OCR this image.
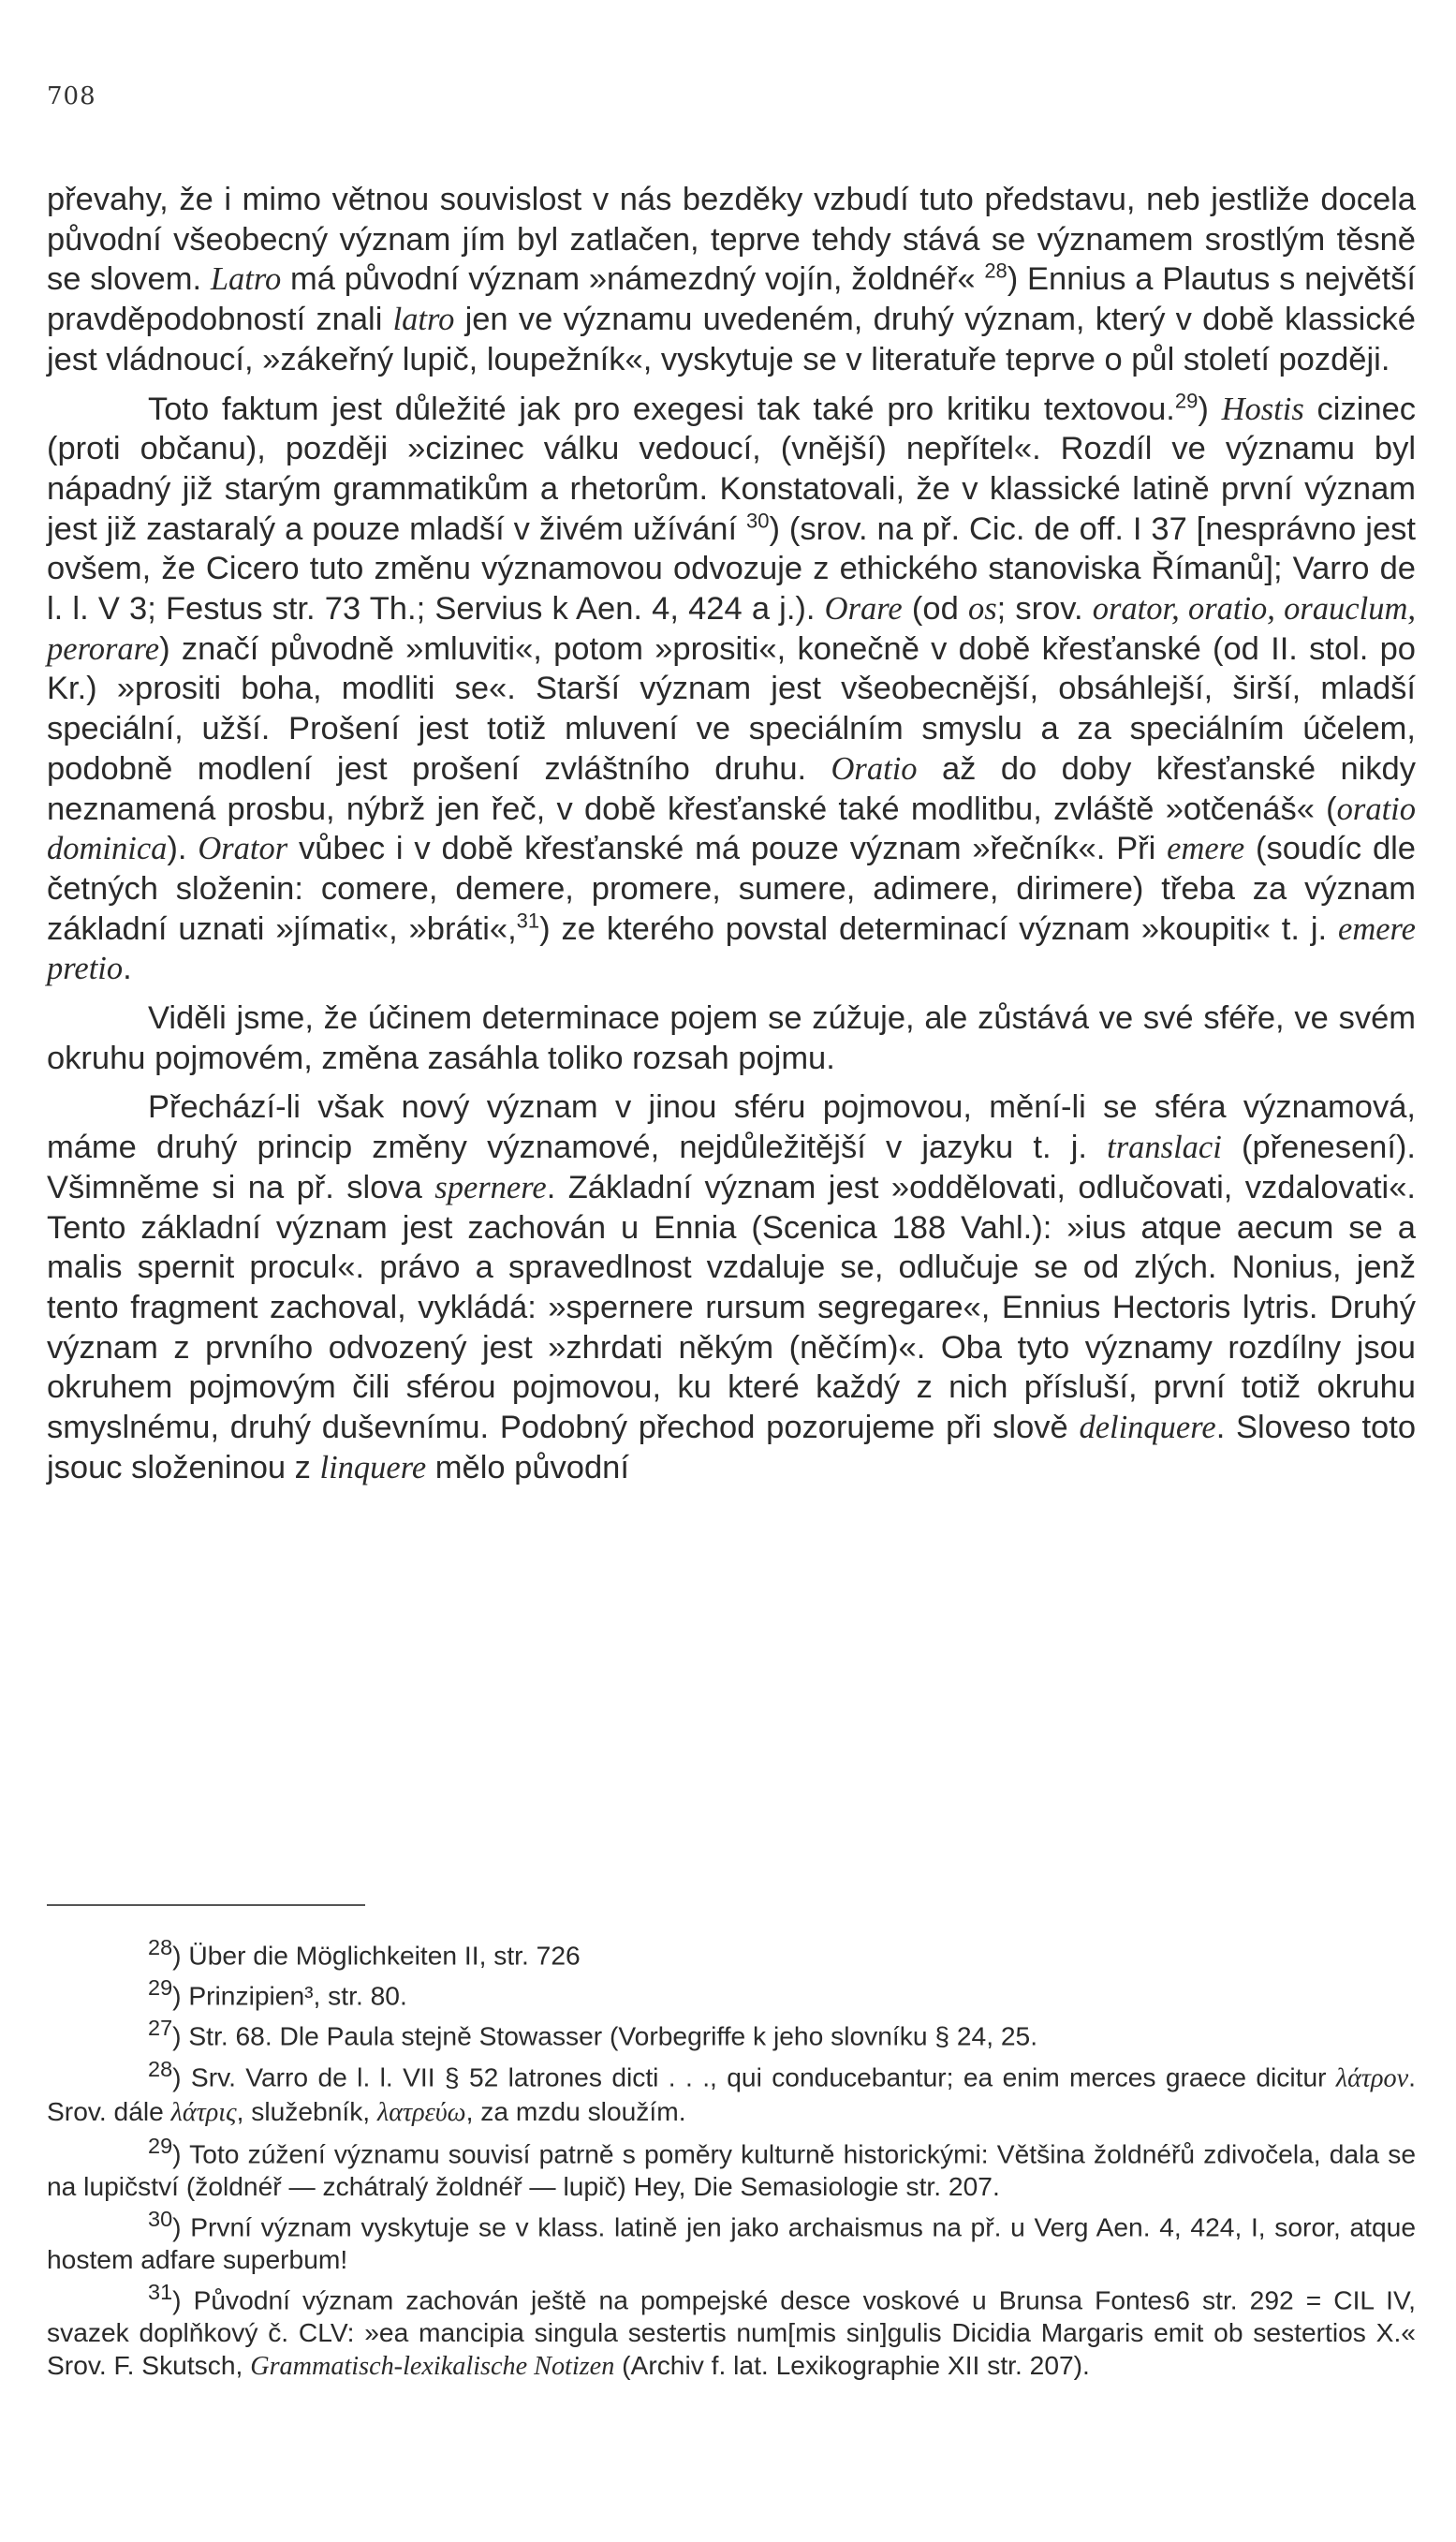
708

převahy, že i mimo větnou souvislost v nás bezděky vzbudí tuto představu, neb jestliže docela původní všeobecný význam jím byl zatlačen, teprve tehdy stává se významem srostlým těsně se slovem. Latro má původní význam »námezdný vojín, žoldnéř« $^{28}$) Ennius a Plautus s největší pravděpodobností znali latro jen ve významu uvedeném, druhý význam, který v době klassické jest vládnoucí, »zákeřný lupič, loupežník«, vyskytuje se v literatuře teprve o půl století později.

Toto faktum jest důležité jak pro exegesi tak také pro kritiku textovou.$^{29}$) Hostis cizinec (proti občanu), později »cizinec válku vedoucí, (vnější) nepřítel«. Rozdíl ve významu byl nápadný již starým grammatikům a rhetorům. Konstatovali, že v klassické latině první význam jest již zastaralý a pouze mladší v živém užívání $^{30}$) (srov. na př. Cic. de off. I 37 [nesprávno jest ovšem, že Cicero tuto změnu významovou odvozuje z ethického stanoviska Římanů]; Varro de l. l. V 3; Festus str. 73 Th.; Servius k Aen. 4, 424 a j.). Orare (od os; srov. orator, oratio, orauclum, perorare) značí původně »mluviti«, potom »prositi«, konečně v době křesťanské (od II. stol. po Kr.) »prositi boha, modliti se«. Starší význam jest všeobecnější, obsáhlejší, širší, mladší speciální, užší. Prošení jest totiž mluvení ve speciálním smyslu a za speciálním účelem, podobně modlení jest prošení zvláštního druhu. Oratio až do doby křesťanské nikdy neznamená prosbu, nýbrž jen řeč, v době křesťanské také modlitbu, zvláště »otčenáš« (oratio dominica). Orator vůbec i v době křesťanské má pouze význam »řečník«. Při emere (soudíc dle četných složenin: comere, demere, promere, sumere, adimere, dirimere) třeba za význam základní uznati »jímati«, »bráti«,$^{31}$) ze kterého povstal determinací význam »koupiti« t. j. emere pretio.

Viděli jsme, že účinem determinace pojem se zúžuje, ale zůstává ve své sféře, ve svém okruhu pojmovém, změna zasáhla toliko rozsah pojmu.

Přechází-li však nový význam v jinou sféru pojmovou, mění-li se sféra významová, máme druhý princip změny významové, nejdůležitější v jazyku t. j. translaci (přenesení). Všimněme si na př. slova spernere. Základní význam jest »oddělovati, odlučovati, vzdalovati«. Tento základní význam jest zachován u Ennia (Scenica 188 Vahl.): »ius atque aecum se a malis spernit procul«. právo a spravedlnost vzdaluje se, odlučuje se od zlých. Nonius, jenž tento fragment zachoval, vykládá: »spernere rursum segregare«, Ennius Hectoris lytris. Druhý význam z prvního odvozený jest »zhrdati někým (něčím)«. Oba tyto významy rozdílny jsou okruhem pojmovým čili sférou pojmovou, ku které každý z nich přísluší, první totiž okruhu smyslnému, druhý duševnímu. Podobný přechod pozorujeme při slově delinquere. Sloveso toto jsouc složeninou z linquere mělo původní

$^{28}$) Über die Möglichkeiten II, str. 726

$^{29}$) Prinzipien³, str. 80.

$^{27}$) Str. 68. Dle Paula stejně Stowasser (Vorbegriffe k jeho slovníku § 24, 25.

$^{28}$) Srv. Varro de l. l. VII § 52 latrones dicti . . ., qui conducebantur; ea enim merces graece dicitur λάτρον. Srov. dále λάτρις, služebník, λατρεύω, za mzdu sloužím.

$^{29}$) Toto zúžení významu souvisí patrně s poměry kulturně historickými: Většina žoldnéřů zdivočela, dala se na lupičství (žoldnéř — zchátralý žoldnéř — lupič) Hey, Die Semasiologie str. 207.

$^{30}$) První význam vyskytuje se v klass. latině jen jako archaismus na př. u Verg Aen. 4, 424, I, soror, atque hostem adfare superbum!

$^{31}$) Původní význam zachován ještě na pompejské desce voskové u Brunsa Fontes6 str. 292 = CIL IV, svazek doplňkový č. CLV: »ea mancipia singula sestertis num[mis sin]gulis Dicidia Margaris emit ob sestertios X.« Srov. F. Skutsch, Grammatisch-lexikalische Notizen (Archiv f. lat. Lexikographie XII str. 207).
